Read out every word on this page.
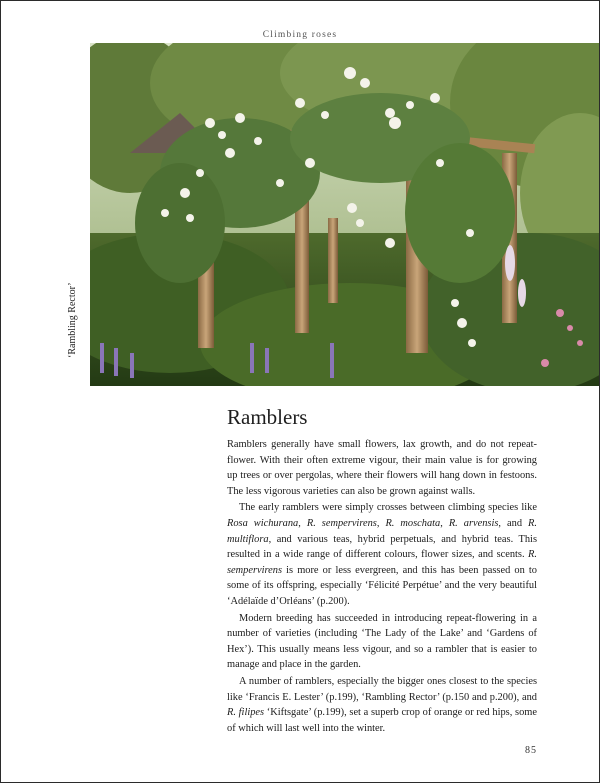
Climbing roses
‘Rambling Rector’
Ramblers

Ramblers generally have small flowers, lax growth, and do not repeat-flower. With their often extreme vigour, their main value is for growing up trees or over pergolas, where their flowers will hang down in festoons. The less vigorous varieties can also be grown against walls.

The early ramblers were simply crosses between climbing species like Rosa wichurana, R. sempervirens, R. moschata, R. arvensis, and R. multiflora, and various teas, hybrid perpetuals, and hybrid teas. This resulted in a wide range of different colours, flower sizes, and scents. R. sempervirens is more or less evergreen, and this has been passed on to some of its offspring, especially ‘Félicité Perpétue’ and the very beautiful ‘Adélaïde d’Orléans’ (p.200).

Modern breeding has succeeded in introducing repeat-flowering in a number of varieties (including ‘The Lady of the Lake’ and ‘Gardens of Hex’). This usually means less vigour, and so a rambler that is easier to manage and place in the garden.

A number of ramblers, especially the bigger ones closest to the species like ‘Francis E. Lester’ (p.199), ‘Rambling Rector’ (p.150 and p.200), and R. filipes ‘Kiftsgate’ (p.199), set a superb crop of orange or red hips, some of which will last well into the winter.

85
